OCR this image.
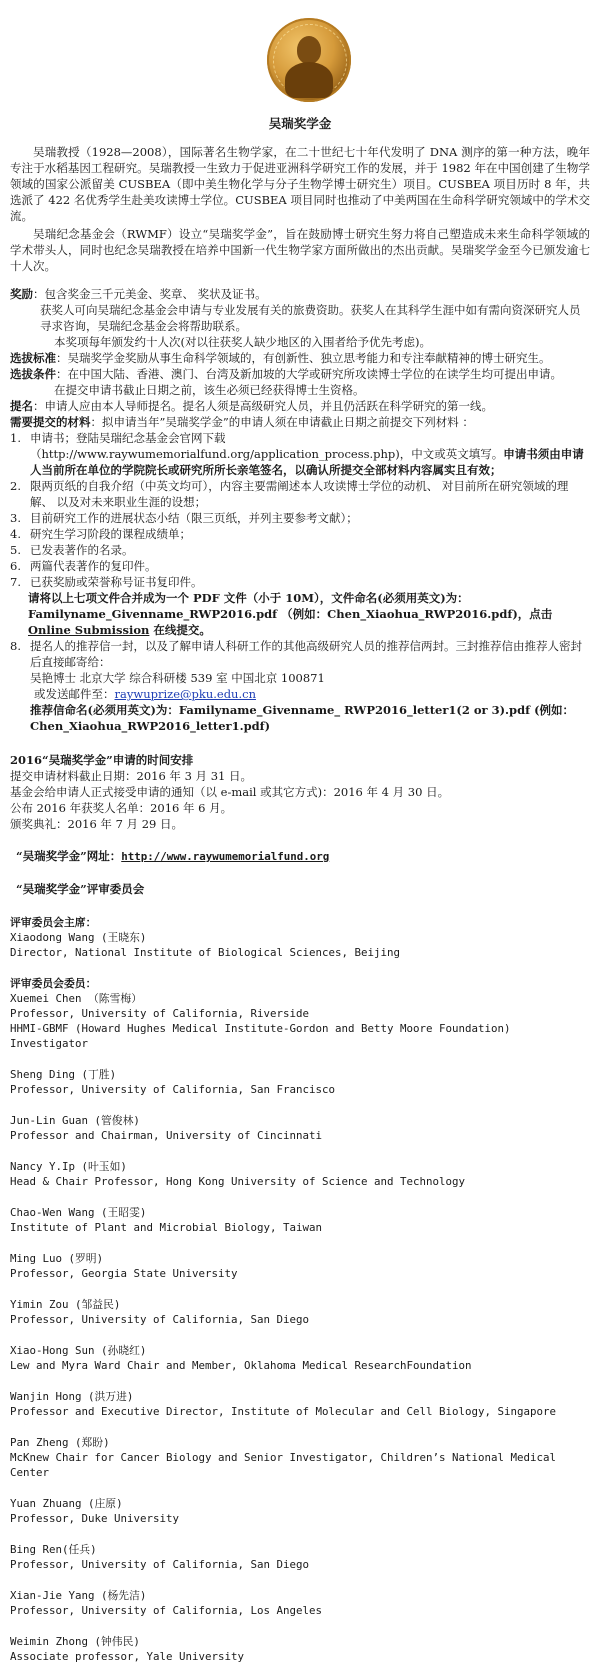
吴瑞奖学金

吴瑞教授（1928—2008），国际著名生物学家，在二十世纪七十年代发明了 DNA 测序的第一种方法，晚年专注于水稻基因工程研究。吴瑞教授一生致力于促进亚洲科学研究工作的发展，并于 1982 年在中国创建了生物学领域的国家公派留美 CUSBEA（即中美生物化学与分子生物学博士研究生）项目。CUSBEA 项目历时 8 年，共选派了 422 名优秀学生赴美攻读博士学位。CUSBEA 项目同时也推动了中美两国在生命科学研究领域中的学术交流。

吴瑞纪念基金会（RWMF）设立“吴瑞奖学金”，旨在鼓励博士研究生努力将自己塑造成未来生命科学领域的学术带头人，同时也纪念吴瑞教授在培养中国新一代生物学家方面所做出的杰出贡献。吴瑞奖学金至今已颁发逾七十人次。

奖励：包含奖金三千元美金、奖章、 奖状及证书。

获奖人可向吴瑞纪念基金会申请与专业发展有关的旅费资助。获奖人在其科学生涯中如有需向资深研究人员寻求咨询，吴瑞纪念基金会将帮助联系。

本奖项每年颁发约十人次(对以往获奖人缺少地区的入围者给予优先考虑)。

选拔标准：吴瑞奖学金奖励从事生命科学领域的，有创新性、独立思考能力和专注奉献精神的博士研究生。

选拔条件：在中国大陆、香港、澳门、台湾及新加坡的大学或研究所攻读博士学位的在读学生均可提出申请。

在提交申请书截止日期之前，该生必须已经获得博士生资格。

提名：申请人应由本人导师提名。提名人须是高级研究人员，并且仍活跃在科学研究的第一线。

需要提交的材料：拟申请当年”吴瑞奖学金”的申请人须在申请截止日期之前提交下列材料 ：

1. 申请书；登陆吴瑞纪念基金会官网下载（http://www.raywumemorialfund.org/application_process.php)，中文或英文填写。申请书须由申请人当前所在单位的学院院长或研究所所长亲笔签名，以确认所提交全部材料内容属实且有效；
2. 限两页纸的自我介绍（中英文均可），内容主要需阐述本人攻读博士学位的动机、 对目前所在研究领域的理解、 以及对未来职业生涯的设想；
3. 目前研究工作的进展状态小结（限三页纸，并列主要参考文献）；
4. 研究生学习阶段的课程成绩单；
5. 已发表著作的名录。
6. 两篇代表著作的复印件。
7. 已获奖励或荣誉称号证书复印件。

请将以上七项文件合并成为一个 PDF 文件（小于 10M），文件命名(必须用英文)为：Familyname_Givenname_RWP2016.pdf （例如：Chen_Xiaohua_RWP2016.pdf)，点击 Online Submission 在线提交。

8. 提名人的推荐信一封，以及了解申请人科研工作的其他高级研究人员的推荐信两封。三封推荐信由推荐人密封后直接邮寄给：

吴艳博士 北京大学 综合科研楼 539 室 中国北京 100871

或发送邮件至：raywuprize@pku.edu.cn

推荐信命名(必须用英文)为：Familyname_Givenname_ RWP2016_letter1(2 or 3).pdf (例如：Chen_Xiaohua_RWP2016_letter1.pdf)

2016“吴瑞奖学金”申请的时间安排

提交申请材料截止日期：2016 年 3 月 31 日。

基金会给申请人正式接受申请的通知（以 e-mail 或其它方式)：2016 年 4 月 30 日。

公布 2016 年获奖人名单：2016 年 6 月。

颁奖典礼：2016 年 7 月 29 日。

“吴瑞奖学金”网址：http://www.raywumemorialfund.org

“吴瑞奖学金”评审委员会

评审委员会主席：

Xiaodong Wang (王晓东)

Director, National Institute of Biological Sciences, Beijing

评审委员会委员：

Xuemei Chen （陈雪梅）

Professor, University of California, Riverside

HHMI-GBMF (Howard Hughes Medical Institute-Gordon and Betty Moore Foundation) Investigator

Sheng Ding (丁胜)

Professor, University of California, San Francisco

Jun-Lin Guan (管俊林)

Professor and Chairman, University of Cincinnati

Nancy Y.Ip (叶玉如)

Head & Chair Professor, Hong Kong University of Science and Technology

Chao-Wen Wang (王昭雯)

Institute of Plant and Microbial Biology, Taiwan

Ming Luo (罗明)

Professor, Georgia State University

Yimin Zou (邹益民)

Professor, University of California, San Diego

Xiao-Hong Sun (孙晓红)

Lew and Myra Ward Chair and Member, Oklahoma Medical ResearchFoundation

Wanjin Hong (洪万进)

Professor and Executive Director, Institute of Molecular and Cell Biology, Singapore

Pan Zheng (郑盼)

McKnew Chair for Cancer Biology and Senior Investigator, Children’s National Medical Center

Yuan Zhuang (庄原)

Professor, Duke University

Bing Ren(任兵)

Professor, University of California, San Diego

Xian-Jie Yang (杨先洁)

Professor, University of California, Los Angeles

Weimin Zhong (钟伟民)

Associate professor, Yale University
